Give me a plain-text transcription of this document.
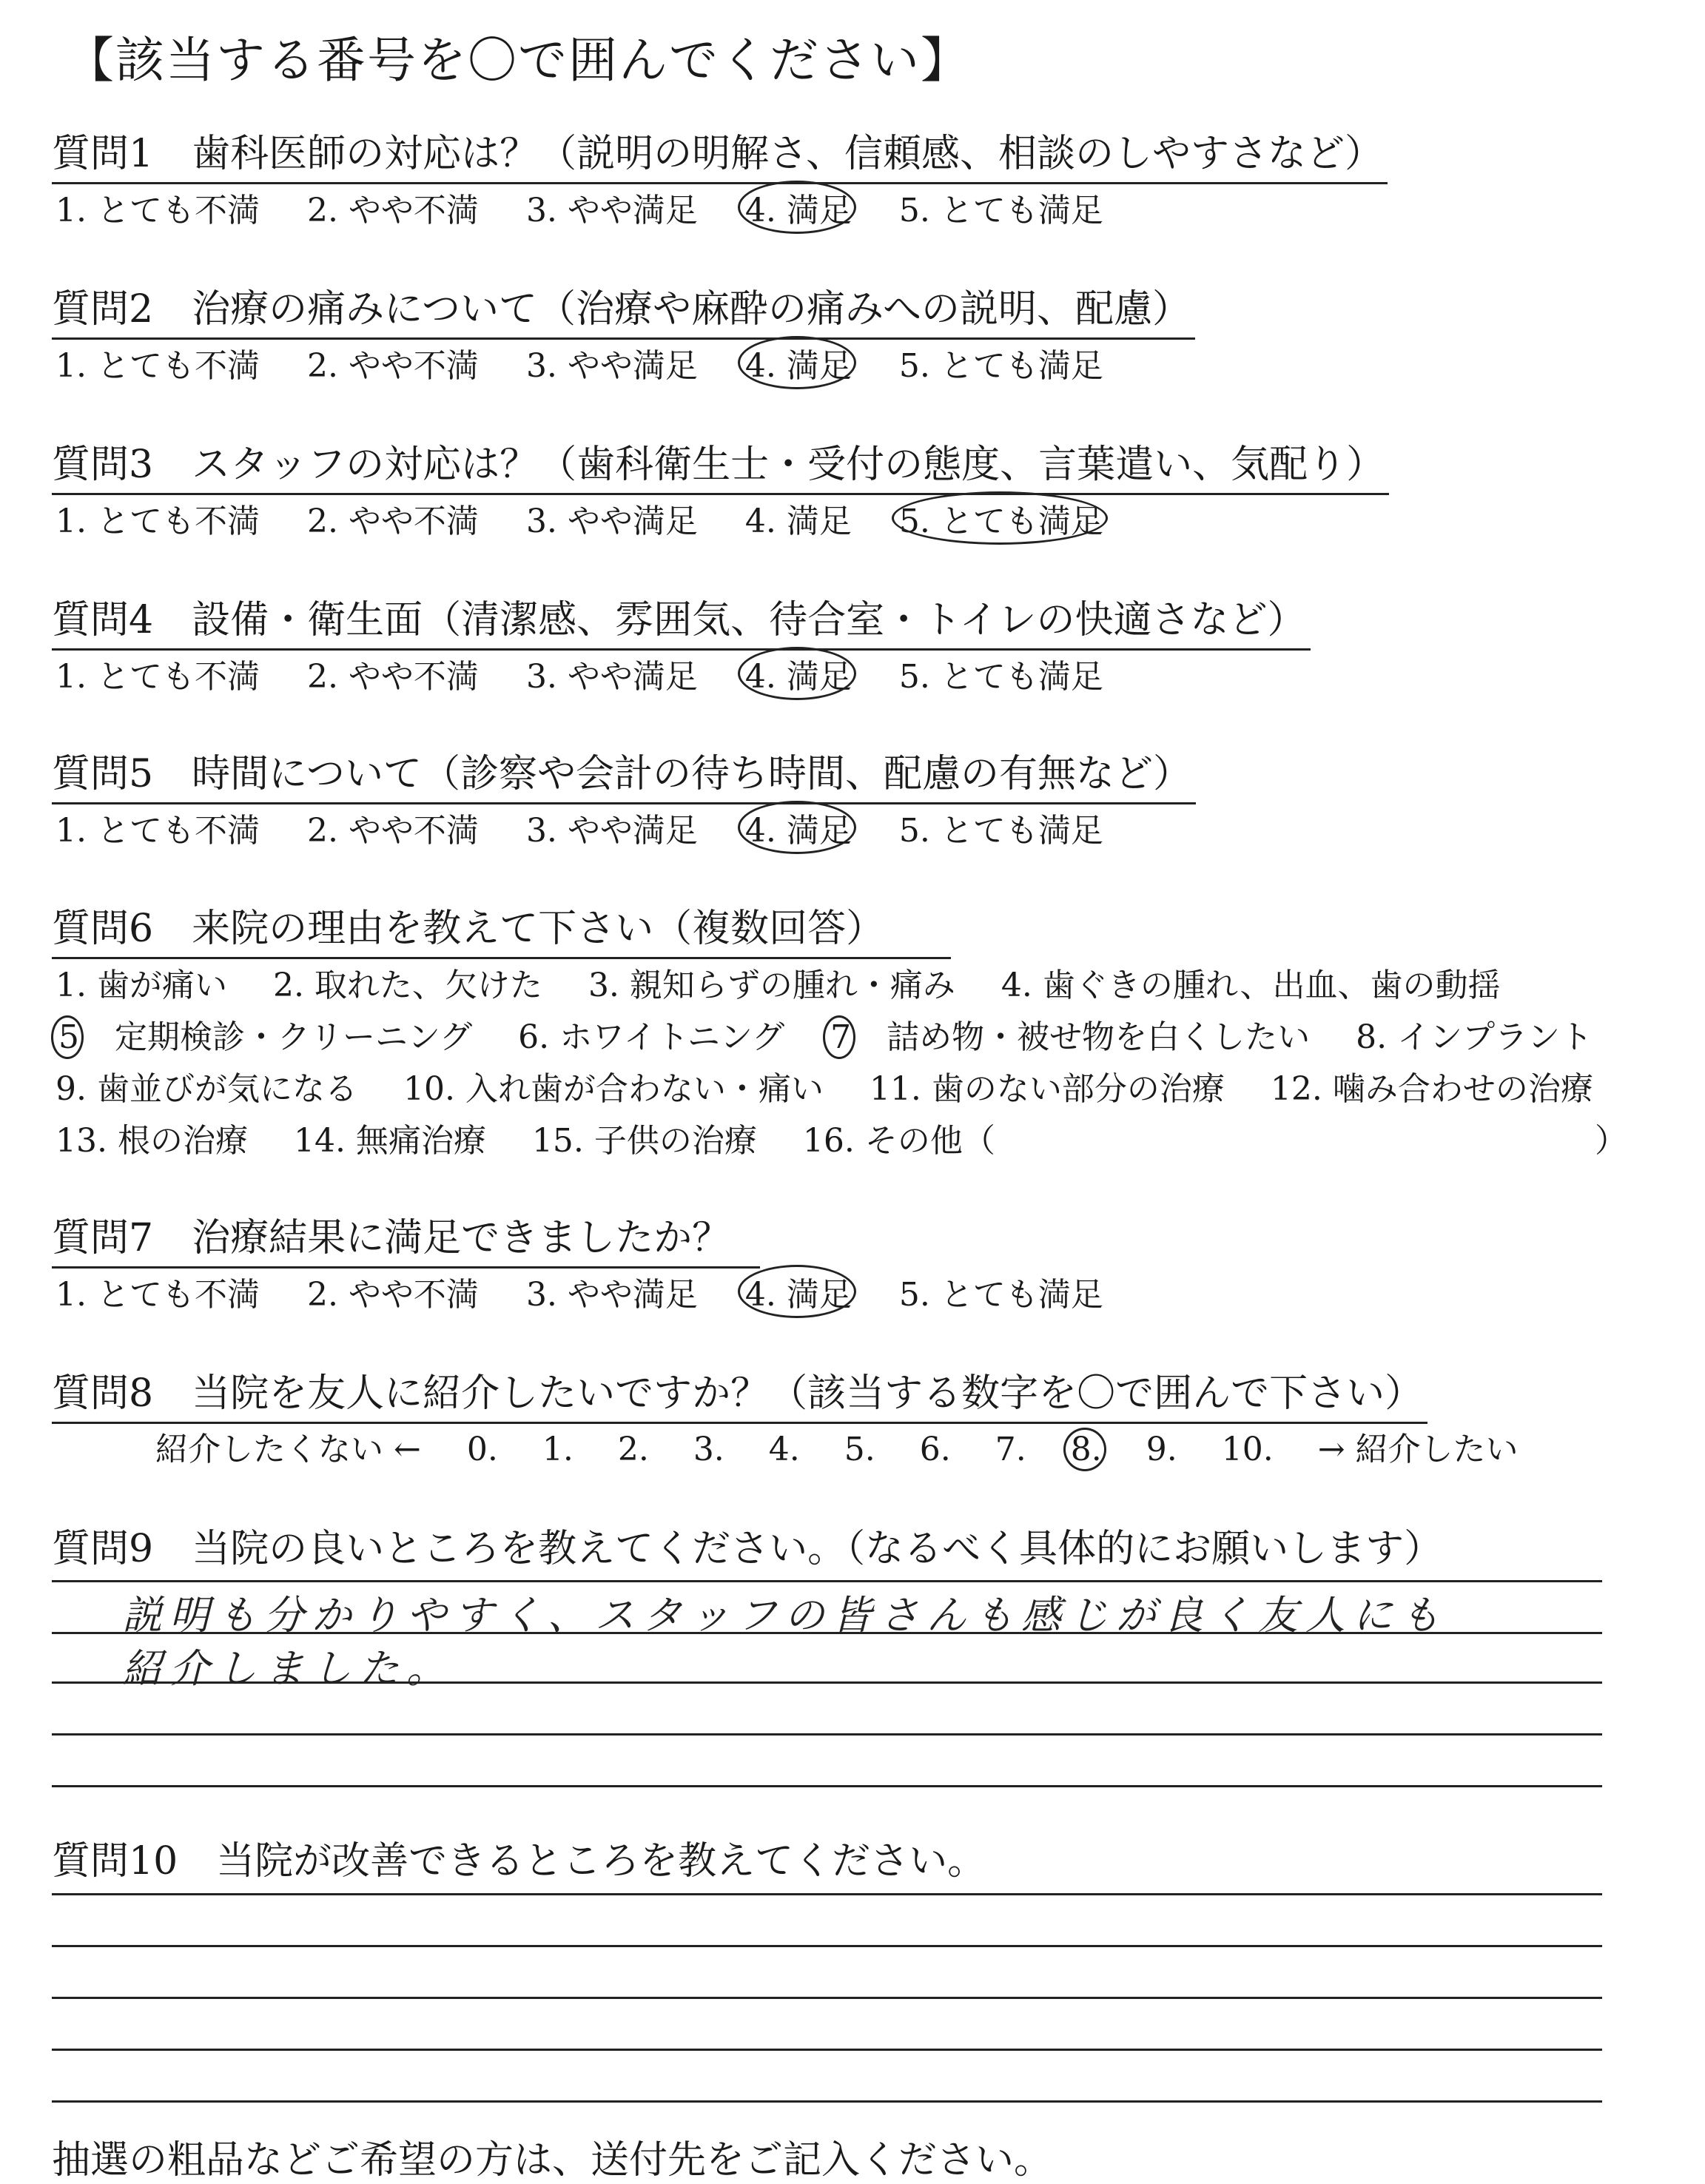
【該当する番号を〇で囲んでください】
質問1　歯科医師の対応は？（説明の明解さ、信頼感、相談のしやすさなど）
1. とても不満 2. やや不満 3. やや満足 4. 満足 5. とても満足
質問2　治療の痛みについて（治療や麻酔の痛みへの説明、配慮）
1. とても不満 2. やや不満 3. やや満足 4. 満足 5. とても満足
質問3　スタッフの対応は？（歯科衛生士・受付の態度、言葉遣い、気配り）
1. とても不満 2. やや不満 3. やや満足 4. 満足 5. とても満足
質問4　設備・衛生面（清潔感、雰囲気、待合室・トイレの快適さなど）
1. とても不満 2. やや不満 3. やや満足 4. 満足 5. とても満足
質問5　時間について（診察や会計の待ち時間、配慮の有無など）
1. とても不満 2. やや不満 3. やや満足 4. 満足 5. とても満足
質問6　来院の理由を教えて下さい（複数回答）
1. 歯が痛い 2. 取れた、欠けた 3. 親知らずの腫れ・痛み 4. 歯ぐきの腫れ、出血、歯の動揺
5 定期検診・クリーニング 6. ホワイトニング 7 詰め物・被せ物を白くしたい 8. インプラント
9. 歯並びが気になる 10. 入れ歯が合わない・痛い 11. 歯のない部分の治療 12. 噛み合わせの治療
13. 根の治療 14. 無痛治療 15. 子供の治療 16. その他（	）
質問7　治療結果に満足できましたか？
1. とても不満 2. やや不満 3. やや満足 4. 満足 5. とても満足
質問8　当院を友人に紹介したいですか？（該当する数字を〇で囲んで下さい）
紹介したくない ← 0. 1. 2. 3. 4. 5. 6. 7. 8. 9. 10. → 紹介したい
質問9　当院の良いところを教えてください。（なるべく具体的にお願いします）
説明も分かりやすく、スタッフの皆さんも感じが良く友人にも
紹介しました。
質問10　当院が改善できるところを教えてください。
抽選の粗品などご希望の方は、送付先をご記入ください。
